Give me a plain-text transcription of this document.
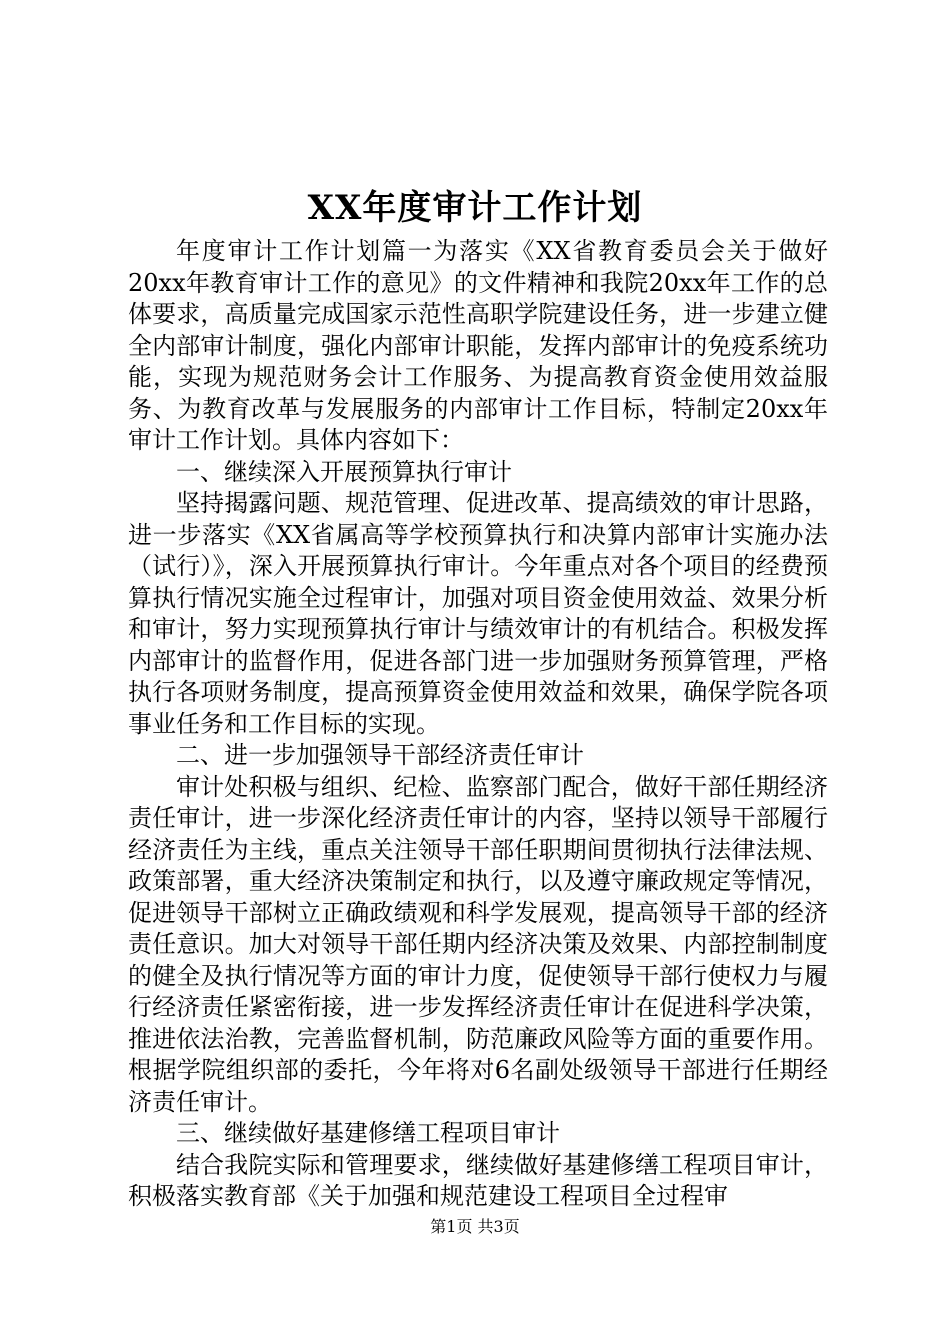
XX年度审计工作计划

年度审计工作计划篇一为落实《XX省教育委员会关于做好20xx年教育审计工作的意见》的文件精神和我院20xx年工作的总体要求，高质量完成国家示范性高职学院建设任务，进一步建立健全内部审计制度，强化内部审计职能，发挥内部审计的免疫系统功能，实现为规范财务会计工作服务、为提高教育资金使用效益服务、为教育改革与发展服务的内部审计工作目标，特制定20xx年审计工作计划。具体内容如下：

一、继续深入开展预算执行审计

坚持揭露问题、规范管理、促进改革、提高绩效的审计思路，进一步落实《XX省属高等学校预算执行和决算内部审计实施办法（试行）》，深入开展预算执行审计。今年重点对各个项目的经费预算执行情况实施全过程审计，加强对项目资金使用效益、效果分析和审计，努力实现预算执行审计与绩效审计的有机结合。积极发挥内部审计的监督作用，促进各部门进一步加强财务预算管理，严格执行各项财务制度，提高预算资金使用效益和效果，确保学院各项事业任务和工作目标的实现。

二、进一步加强领导干部经济责任审计

审计处积极与组织、纪检、监察部门配合，做好干部任期经济责任审计，进一步深化经济责任审计的内容，坚持以领导干部履行经济责任为主线，重点关注领导干部任职期间贯彻执行法律法规、政策部署，重大经济决策制定和执行，以及遵守廉政规定等情况，促进领导干部树立正确政绩观和科学发展观，提高领导干部的经济责任意识。加大对领导干部任期内经济决策及效果、内部控制制度的健全及执行情况等方面的审计力度，促使领导干部行使权力与履行经济责任紧密衔接，进一步发挥经济责任审计在促进科学决策，推进依法治教，完善监督机制，防范廉政风险等方面的重要作用。根据学院组织部的委托，今年将对6名副处级领导干部进行任期经济责任审计。

三、继续做好基建修缮工程项目审计

结合我院实际和管理要求，继续做好基建修缮工程项目审计，积极落实教育部《关于加强和规范建设工程项目全过程审

第1页 共3页
